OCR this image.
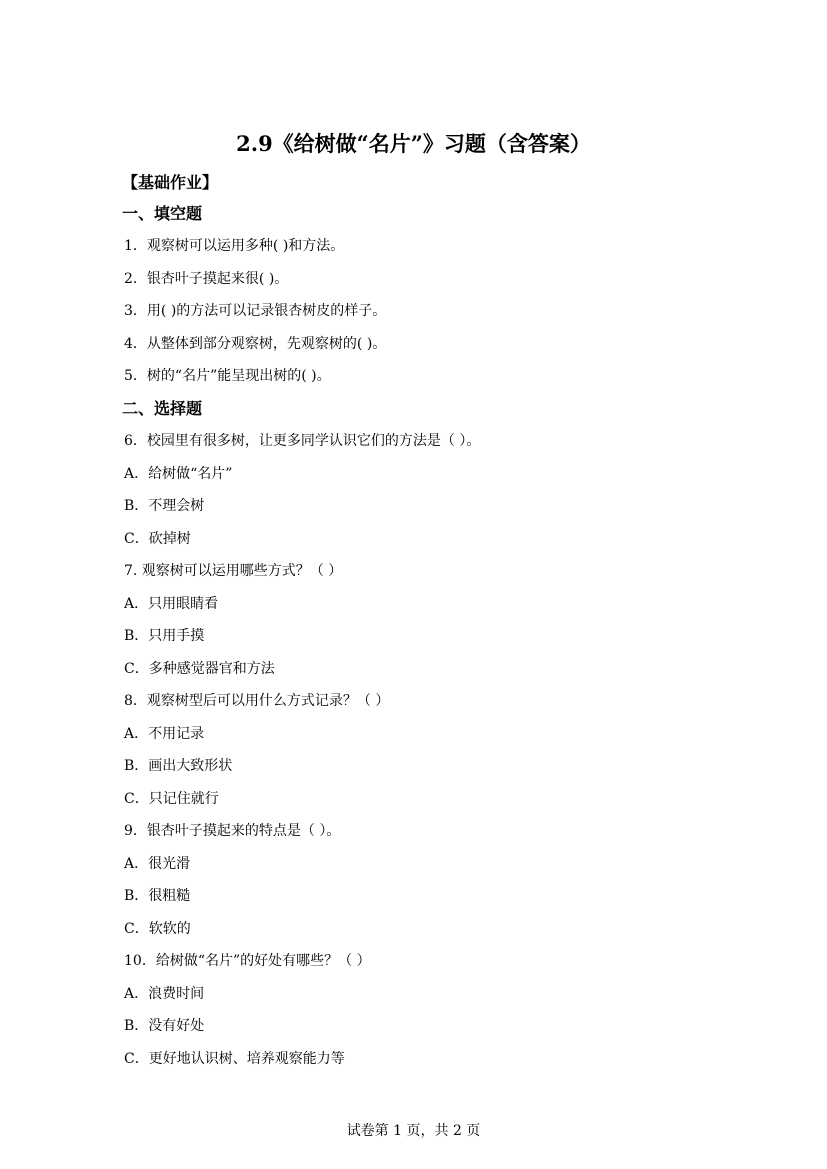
2.9《给树做“名片”》习题（含答案）
【基础作业】
一、填空题
1．观察树可以运用多种( )和方法。
2．银杏叶子摸起来很( )。
3．用( )的方法可以记录银杏树皮的样子。
4．从整体到部分观察树，先观察树的( )。
5．树的“名片”能呈现出树的( )。
二、选择题
6．校园里有很多树，让更多同学认识它们的方法是（ ）。
A．给树做“名片”
B．不理会树
C．砍掉树
7. 观察树可以运用哪些方式？（ ）
A．只用眼睛看
B．只用手摸
C．多种感觉器官和方法
8．观察树型后可以用什么方式记录？（ ）
A．不用记录
B．画出大致形状
C．只记住就行
9．银杏叶子摸起来的特点是（ ）。
A．很光滑
B．很粗糙
C．软软的
10．给树做“名片”的好处有哪些？（ ）
A．浪费时间
B．没有好处
C．更好地认识树、培养观察能力等
试卷第 1 页，共 2 页
